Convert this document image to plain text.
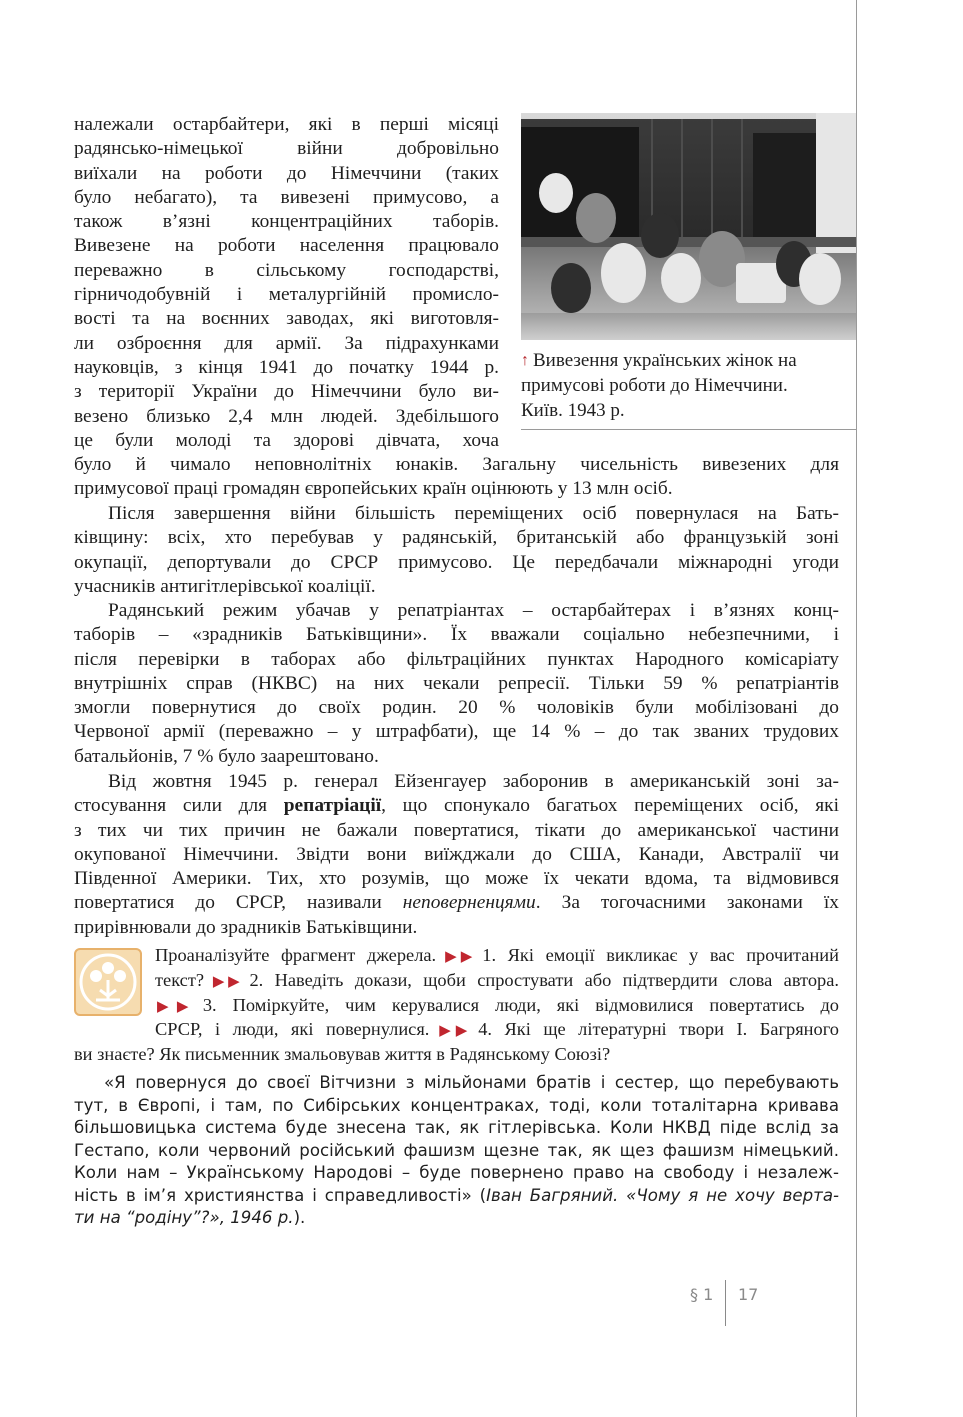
належали остарбайтери, які в перші місяці
радянсько-німецької війни добровільно
виїхали на роботи до Німеччини (таких
було небагато), та вивезені примусово, а
також в’язні концентраційних таборів.
Вивезене на роботи населення працювало
переважно в сільському господарстві,
гірничодобувній і металургійній промисло-
вості та на воєнних заводах, які виготовля-
ли озброєння для армії. За підрахунками
науковців, з кінця 1941 до початку 1944 р.
з території України до Німеччини було ви-
везено близько 2,4 млн людей. Здебільшого
це були молоді та здорові дівчата, хоча
↑ Вивезення українських жінок на
примусові роботи до Німеччини.
Київ. 1943 р.
було й чимало неповнолітніх юнаків. Загальну чисельність вивезених для
примусової праці громадян європейських країн оцінюють у 13 млн осіб.
Після завершення війни більшість переміщених осіб повернулася на Бать-
ківщину: всіх, хто перебував у радянській, британській або французькій зоні
окупації, депортували до СРСР примусово. Це передбачали міжнародні угоди
учасників антигітлерівської коаліції.
Радянський режим убачав у репатріантах – остарбайтерах і в’язнях конц-
таборів – «зрадників Батьківщини». Їх вважали соціально небезпечними, і
після перевірки в таборах або фільтраційних пунктах Народного комісаріату
внутрішніх справ (НКВС) на них чекали репресії. Тільки 59 % репатріантів
змогли повернутися до своїх родин. 20 % чоловіків були мобілізовані до
Червоної армії (переважно – у штрафбати), ще 14 % – до так званих трудових
батальйонів, 7 % було заарештовано.
Від жовтня 1945 р. генерал Ейзенгауер заборонив в американській зоні за-
стосування сили для репатріації, що спонукало багатьох переміщених осіб, які
з тих чи тих причин не бажали повертатися, тікати до американської частини
окупованої Німеччини. Звідти вони виїжджали до США, Канади, Австралії чи
Південної Америки. Тих, хто розумів, що може їх чекати вдома, та відмовився
повертатися до СРСР, називали неповерненцями. За тогочасними законами їх
прирівнювали до зрадників Батьківщини.
Проаналізуйте фрагмент джерела. ▶▶ 1. Які емоції викликає у вас прочитаний
текст? ▶▶ 2. Наведіть докази, щоби спростувати або підтвердити слова автора.
▶▶ 3. Поміркуйте, чим керувалися люди, які відмовилися повертатись до
СРСР, і люди, які повернулися. ▶▶ 4. Які ще літературні твори І. Багряного
ви знаєте? Як письменник змальовував життя в Радянському Союзі?
«Я повернуся до своєї Вітчизни з мільйонами братів і сестер, що перебувають
тут, в Європі, і там, по Сибірських концентраках, тоді, коли тоталітарна кривава
більшовицька система буде знесена так, як гітлерівська. Коли НКВД піде вслід за
Гестапо, коли червоний російський фашизм щезне так, як щез фашизм німецький.
Коли нам – Українському Народові – буде повернено право на свободу і незалеж-
ність в ім’я християнства і справедливості» (Іван Багряний. «Чому я не хочу верта-
ти на “родіну”?», 1946 р.).
§ 1 17
